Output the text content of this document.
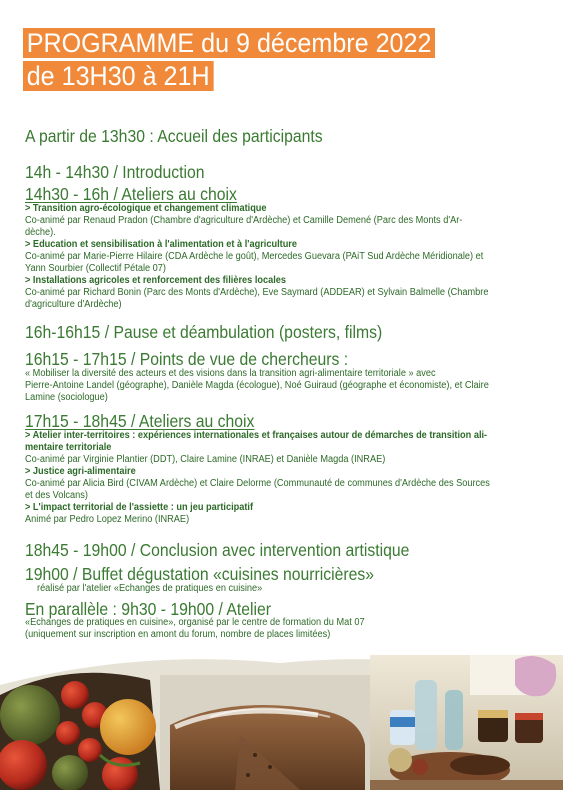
PROGRAMME du 9 décembre 2022
de 13H30 à 21H
A partir de 13h30 : Accueil des participants
14h - 14h30 / Introduction
14h30 - 16h / Ateliers au choix
> Transition agro-écologique et changement climatique
Co-animé par Renaud Pradon (Chambre d'agriculture d'Ardèche) et Camille Demené (Parc des Monts d'Ar-
dèche).
> Education et sensibilisation à l'alimentation et à l'agriculture
Co-animé par Marie-Pierre Hilaire (CDA Ardèche le goût), Mercedes Guevara (PAiT Sud Ardèche Méridionale) et
Yann Sourbier (Collectif Pétale 07)
> Installations agricoles et renforcement des filières locales
Co-animé par Richard Bonin (Parc des Monts d'Ardèche), Eve Saymard (ADDEAR) et Sylvain Balmelle (Chambre
d'agriculture d'Ardèche)
16h-16h15 / Pause et déambulation (posters, films)
16h15 - 17h15 / Points de vue de chercheurs :
« Mobiliser la diversité des acteurs et des visions dans la transition agri-alimentaire territoriale » avec
Pierre-Antoine Landel (géographe), Danièle Magda (écologue), Noé Guiraud (géographe et économiste), et Claire
Lamine (sociologue)
17h15 - 18h45 / Ateliers au choix
> Atelier inter-territoires : expériences internationales et françaises autour de démarches de transition ali-
mentaire territoriale
Co-animé par Virginie Plantier (DDT), Claire Lamine (INRAE) et Danièle Magda (INRAE)
> Justice agri-alimentaire
Co-animé par Alicia Bird (CIVAM Ardèche) et Claire Delorme (Communauté de communes d'Ardèche des Sources
et des Volcans)
> L'impact territorial de l'assiette : un jeu participatif
Animé par Pedro Lopez Merino (INRAE)
18h45 - 19h00 / Conclusion avec intervention artistique
19h00 / Buffet dégustation «cuisines nourricières»
réalisé par l'atelier «Echanges de pratiques en cuisine»
En parallèle : 9h30 - 19h00 / Atelier
«Echanges de pratiques en cuisine», organisé par le centre de formation du Mat 07
(uniquement sur inscription en amont du forum, nombre de places limitées)
